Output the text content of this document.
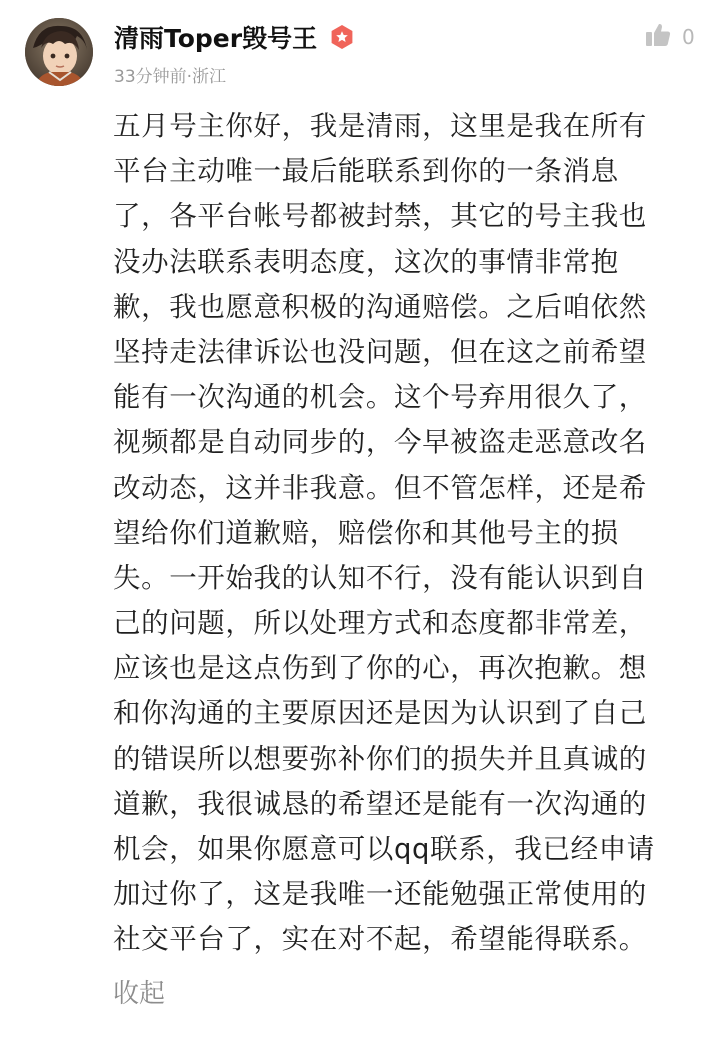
清雨Toper毁号王
33分钟前·浙江
0
五月号主你好，我是清雨，这里是我在所有
平台主动唯一最后能联系到你的一条消息
了，各平台帐号都被封禁，其它的号主我也
没办法联系表明态度，这次的事情非常抱
歉，我也愿意积极的沟通赔偿。之后咱依然
坚持走法律诉讼也没问题，但在这之前希望
能有一次沟通的机会。这个号弃用很久了，
视频都是自动同步的，今早被盗走恶意改名
改动态，这并非我意。但不管怎样，还是希
望给你们道歉赔，赔偿你和其他号主的损
失。一开始我的认知不行，没有能认识到自
己的问题，所以处理方式和态度都非常差，
应该也是这点伤到了你的心，再次抱歉。想
和你沟通的主要原因还是因为认识到了自己
的错误所以想要弥补你们的损失并且真诚的
道歉，我很诚恳的希望还是能有一次沟通的
机会，如果你愿意可以qq联系，我已经申请
加过你了，这是我唯一还能勉强正常使用的
社交平台了，实在对不起，希望能得联系。
收起
